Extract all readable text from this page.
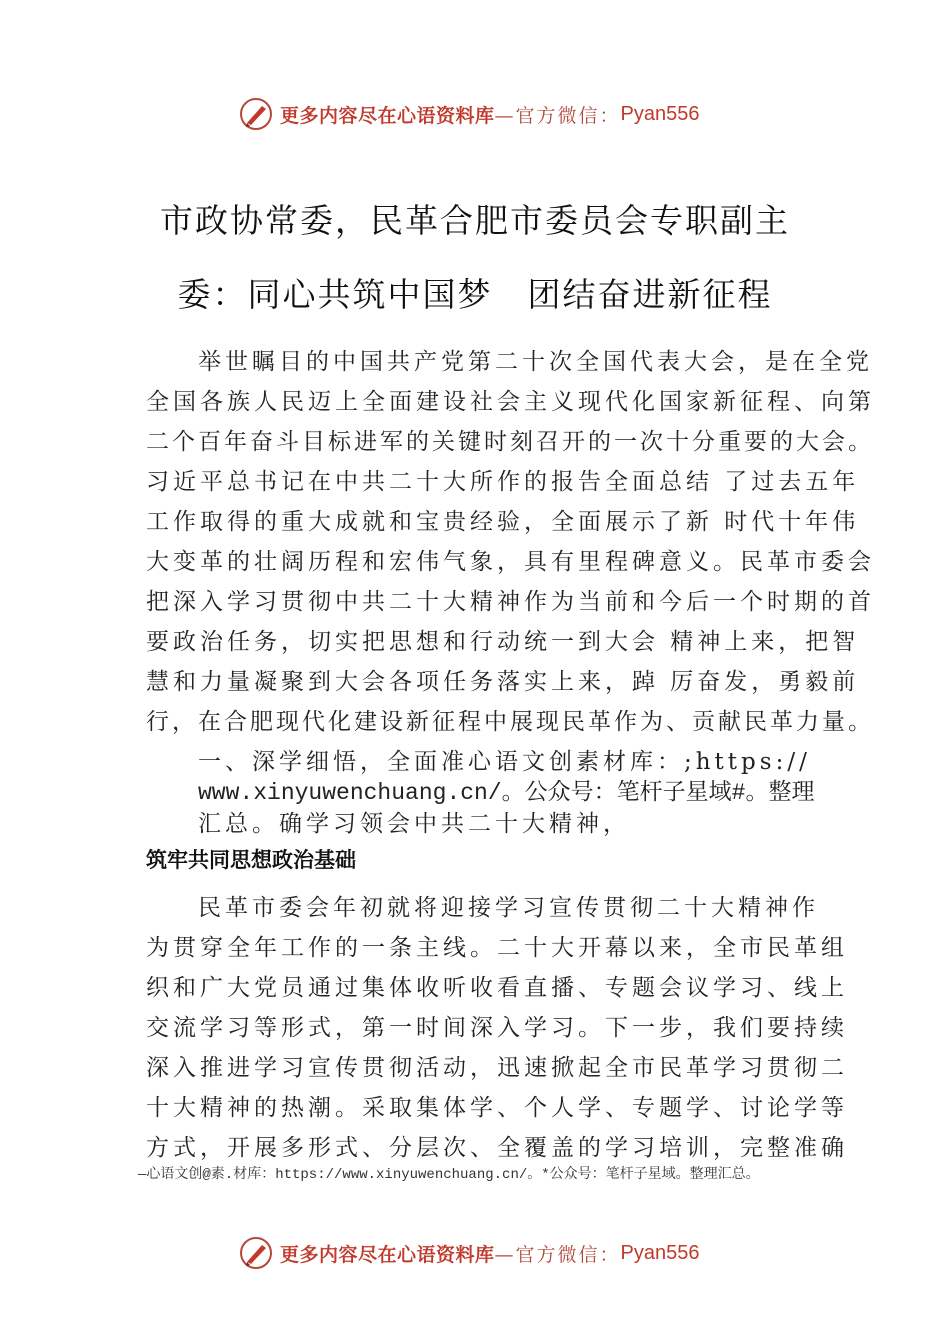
更多内容尽在心语资料库 —官方微信： Pyan556
市政协常委，民革合肥市委员会专职副主
委：同心共筑中国梦　团结奋进新征程
举世瞩目的中国共产党第二十次全国代表大会，是在全党
全国各族人民迈上全面建设社会主义现代化国家新征程、向第
二个百年奋斗目标进军的关键时刻召开的一次十分重要的大会。
习近平总书记在中共二十大所作的报告全面总结 了过去五年
工作取得的重大成就和宝贵经验，全面展示了新 时代十年伟
大变革的壮阔历程和宏伟气象，具有里程碑意义。民革市委会
把深入学习贯彻中共二十大精神作为当前和今后一个时期的首
要政治任务，切实把思想和行动统一到大会 精神上来，把智
慧和力量凝聚到大会各项任务落实上来，踔 厉奋发，勇毅前
行，在合肥现代化建设新征程中展现民革作为、贡献民革力量。
一、深学细悟，全面准心语文创素材库：;https://
www.xinyuwenchuang.cn/。公众号：笔杆子星域#。整理
汇总。确学习领会中共二十大精神，
筑牢共同思想政治基础
民革市委会年初就将迎接学习宣传贯彻二十大精神作
为贯穿全年工作的一条主线。二十大开幕以来，全市民革组
织和广大党员通过集体收听收看直播、专题会议学习、线上
交流学习等形式，第一时间深入学习。下一步，我们要持续
深入推进学习宣传贯彻活动，迅速掀起全市民革学习贯彻二
十大精神的热潮。采取集体学、个人学、专题学、讨论学等
方式，开展多形式、分层次、全覆盖的学习培训，完整准确
—心语文创@素.材库：https://www.xinyuwenchuang.cn/。*公众号：笔杆子星域。整理汇总。
更多内容尽在心语资料库 —官方微信： Pyan556
